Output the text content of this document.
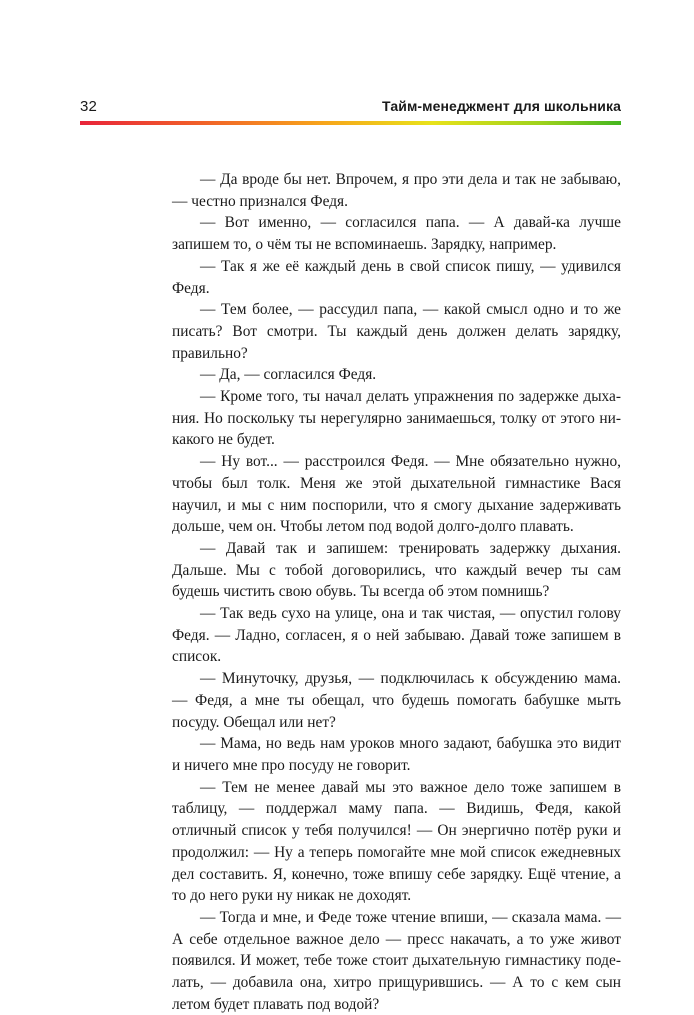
32	Тайм-менеджмент для школьника

— Да вроде бы нет. Впрочем, я про эти дела и так не забываю, — честно признался Федя.

— Вот именно, — согласился папа. — А давай-ка лучше запишем то, о чём ты не вспоминаешь. Зарядку, например.

— Так я же её каждый день в свой список пишу, — удивился Федя.

— Тем более, — рассудил папа, — какой смысл одно и то же писать? Вот смотри. Ты каждый день должен делать зарядку, правильно?

— Да, — согласился Федя.

— Кроме того, ты начал делать упражнения по задержке дыхания. Но поскольку ты нерегулярно занимаешься, толку от этого никакого не будет.

— Ну вот... — расстроился Федя. — Мне обязательно нужно, чтобы был толк. Меня же этой дыхательной гимнастике Вася научил, и мы с ним поспорили, что я смогу дыхание задерживать дольше, чем он. Чтобы летом под водой долго-долго плавать.

— Давай так и запишем: тренировать задержку дыхания. Дальше. Мы с тобой договорились, что каждый вечер ты сам будешь чистить свою обувь. Ты всегда об этом помнишь?

— Так ведь сухо на улице, она и так чистая, — опустил голову Федя. — Ладно, согласен, я о ней забываю. Давай тоже запишем в список.

— Минуточку, друзья, — подключилась к обсуждению мама. — Федя, а мне ты обещал, что будешь помогать бабушке мыть посуду. Обещал или нет?

— Мама, но ведь нам уроков много задают, бабушка это видит и ничего мне про посуду не говорит.

— Тем не менее давай мы это важное дело тоже запишем в таблицу, — поддержал маму папа. — Видишь, Федя, какой отличный список у тебя получился! — Он энергично потёр руки и продолжил: — Ну а теперь помогайте мне мой список ежедневных дел составить. Я, конечно, тоже впишу себе зарядку. Ещё чтение, а то до него руки ну никак не доходят.

— Тогда и мне, и Феде тоже чтение впиши, — сказала мама. — А себе отдельное важное дело — пресс накачать, а то уже живот появился. И может, тебе тоже стоит дыхательную гимнастику поделать, — добавила она, хитро прищурившись. — А то с кем сын летом будет плавать под водой?
